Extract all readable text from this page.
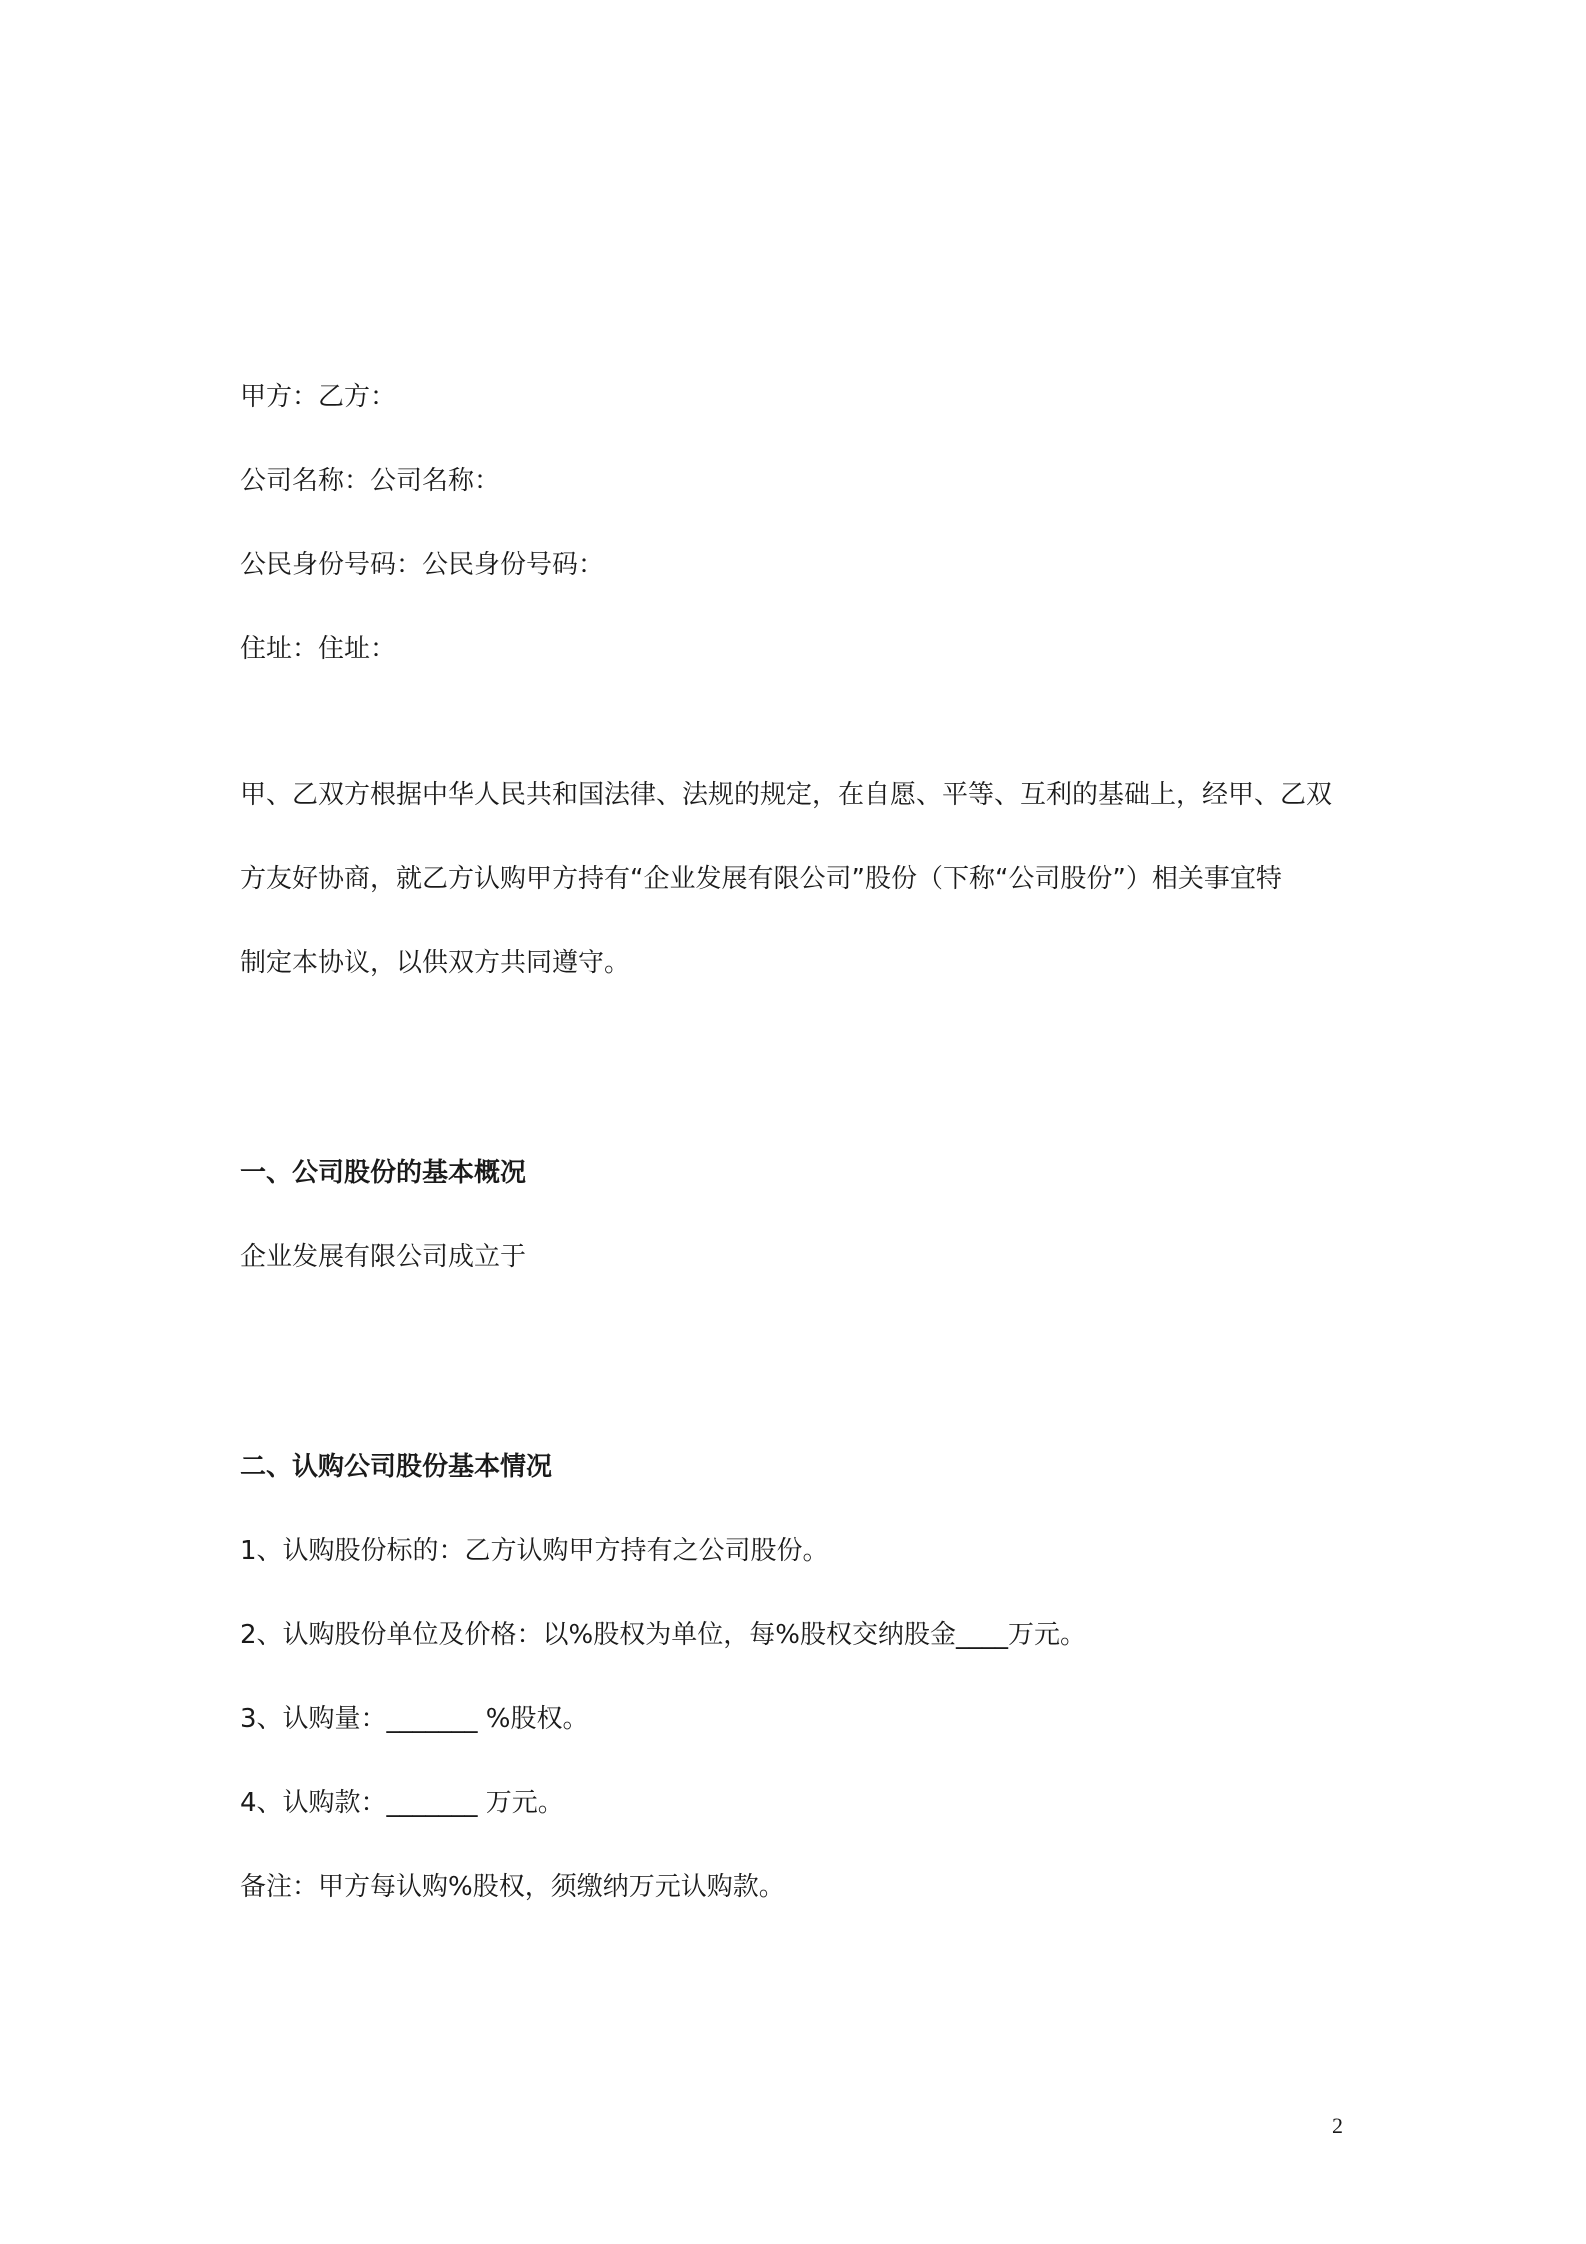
甲方：乙方：
公司名称：公司名称：
公民身份号码：公民身份号码：
住址：住址：
甲、乙双方根据中华人民共和国法律、法规的规定，在自愿、平等、互利的基础上，经甲、乙双
方友好协商，就乙方认购甲方持有“企业发展有限公司”股份（下称“公司股份”）相关事宜特
制定本协议，以供双方共同遵守。
一、公司股份的基本概况
企业发展有限公司成立于
二、认购公司股份基本情况
1、认购股份标的：乙方认购甲方持有之公司股份。
2、认购股份单位及价格：以%股权为单位，每%股权交纳股金____万元。
3、认购量：_______ %股权。
4、认购款：_______ 万元。
备注：甲方每认购%股权，须缴纳万元认购款。
2
